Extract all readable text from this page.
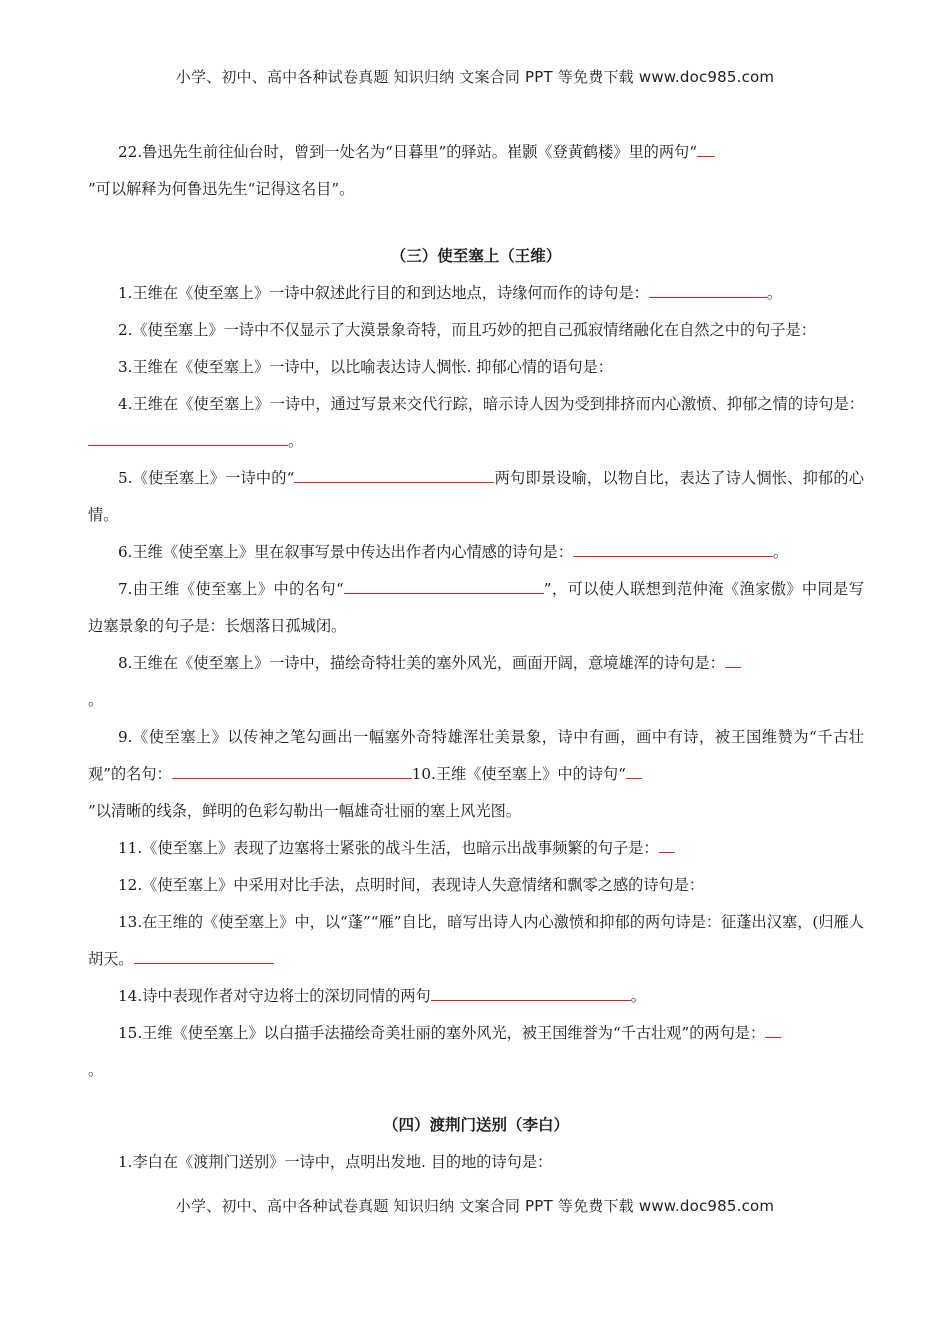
小学、初中、高中各种试卷真题 知识归纳 文案合同 PPT 等免费下载 www.doc985.com

22.鲁迅先生前往仙台时，曾到一处名为“日暮里”的驿站。崔颢《登黄鹤楼》里的两句“
”可以解释为何鲁迅先生“记得这名目”。

（三）使至塞上（王维）

1.王维在《使至塞上》一诗中叙述此行目的和到达地点，诗缘何而作的诗句是：	。

2.《使至塞上》一诗中不仅显示了大漠景象奇特，而且巧妙的把自己孤寂情绪融化在自然之中的句子是：

3.王维在《使至塞上》一诗中，以比喻表达诗人惆怅. 抑郁心情的语句是：

4.王维在《使至塞上》一诗中，通过写景来交代行踪，暗示诗人因为受到排挤而内心激愤、抑郁之情的诗句是：。

5.《使至塞上》一诗中的“	两句即景设喻，以物自比，表达了诗人惆怅、抑郁的心情。

6.王维《使至塞上》里在叙事写景中传达出作者内心情感的诗句是：	。

7.由王维《使至塞上》中的名句“	”，可以使人联想到范仲淹《渔家傲》中同是写边塞景象的句子是：长烟落日孤城闭。

8.王维在《使至塞上》一诗中，描绘奇特壮美的塞外风光，画面开阔，意境雄浑的诗句是：
。

9.《使至塞上》以传神之笔勾画出一幅塞外奇特雄浑壮美景象，诗中有画，画中有诗，被王国维赞为“千古壮观”的名句：	10.王维《使至塞上》中的诗句“
”以清晰的线条，鲜明的色彩勾勒出一幅雄奇壮丽的塞上风光图。

11.《使至塞上》表现了边塞将士紧张的战斗生活，也暗示出战事频繁的句子是：

12.《使至塞上》中采用对比手法，点明时间，表现诗人失意情绪和飘零之感的诗句是：

13.在王维的《使至塞上》中，以“蓬”“雁”自比，暗写出诗人内心激愤和抑郁的两句诗是：征蓬出汉塞，(归雁人胡天。

14.诗中表现作者对守边将士的深切同情的两句	。

15.王维《使至塞上》以白描手法描绘奇美壮丽的塞外风光，被王国维誉为“千古壮观”的两句是：
。

（四）渡荆门送别（李白）

1.李白在《渡荆门送别》一诗中，点明出发地. 目的地的诗句是：

小学、初中、高中各种试卷真题 知识归纳 文案合同 PPT 等免费下载 www.doc985.com
